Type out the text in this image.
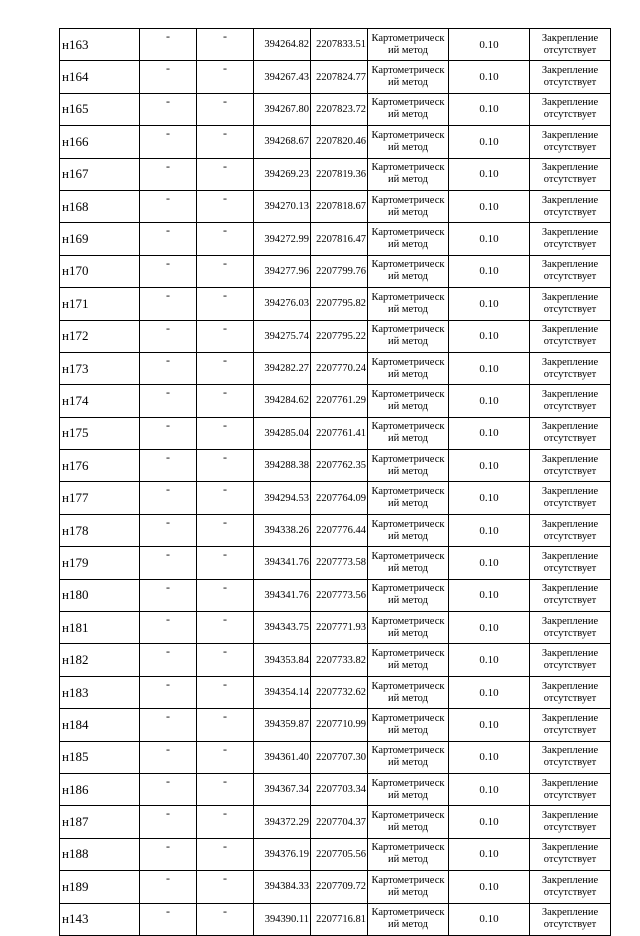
н163	-	-	394264.82	2207833.51	Картометрическ
ий метод	0.10	Закрепление
отсутствует

н164	-	-	394267.43	2207824.77	Картометрическ
ий метод	0.10	Закрепление
отсутствует

н165	-	-	394267.80	2207823.72	Картометрическ
ий метод	0.10	Закрепление
отсутствует

н166	-	-	394268.67	2207820.46	Картометрическ
ий метод	0.10	Закрепление
отсутствует

н167	-	-	394269.23	2207819.36	Картометрическ
ий метод	0.10	Закрепление
отсутствует

н168	-	-	394270.13	2207818.67	Картометрическ
ий метод	0.10	Закрепление
отсутствует

н169	-	-	394272.99	2207816.47	Картометрическ
ий метод	0.10	Закрепление
отсутствует

н170	-	-	394277.96	2207799.76	Картометрическ
ий метод	0.10	Закрепление
отсутствует

н171	-	-	394276.03	2207795.82	Картометрическ
ий метод	0.10	Закрепление
отсутствует

н172	-	-	394275.74	2207795.22	Картометрическ
ий метод	0.10	Закрепление
отсутствует

н173	-	-	394282.27	2207770.24	Картометрическ
ий метод	0.10	Закрепление
отсутствует

н174	-	-	394284.62	2207761.29	Картометрическ
ий метод	0.10	Закрепление
отсутствует

н175	-	-	394285.04	2207761.41	Картометрическ
ий метод	0.10	Закрепление
отсутствует

н176	-	-	394288.38	2207762.35	Картометрическ
ий метод	0.10	Закрепление
отсутствует

н177	-	-	394294.53	2207764.09	Картометрическ
ий метод	0.10	Закрепление
отсутствует

н178	-	-	394338.26	2207776.44	Картометрическ
ий метод	0.10	Закрепление
отсутствует

н179	-	-	394341.76	2207773.58	Картометрическ
ий метод	0.10	Закрепление
отсутствует

н180	-	-	394341.76	2207773.56	Картометрическ
ий метод	0.10	Закрепление
отсутствует

н181	-	-	394343.75	2207771.93	Картометрическ
ий метод	0.10	Закрепление
отсутствует

н182	-	-	394353.84	2207733.82	Картометрическ
ий метод	0.10	Закрепление
отсутствует

н183	-	-	394354.14	2207732.62	Картометрическ
ий метод	0.10	Закрепление
отсутствует

н184	-	-	394359.87	2207710.99	Картометрическ
ий метод	0.10	Закрепление
отсутствует

н185	-	-	394361.40	2207707.30	Картометрическ
ий метод	0.10	Закрепление
отсутствует

н186	-	-	394367.34	2207703.34	Картометрическ
ий метод	0.10	Закрепление
отсутствует

н187	-	-	394372.29	2207704.37	Картометрическ
ий метод	0.10	Закрепление
отсутствует

н188	-	-	394376.19	2207705.56	Картометрическ
ий метод	0.10	Закрепление
отсутствует

н189	-	-	394384.33	2207709.72	Картометрическ
ий метод	0.10	Закрепление
отсутствует

н143	-	-	394390.11	2207716.81	Картометрическ
ий метод	0.10	Закрепление
отсутствует
